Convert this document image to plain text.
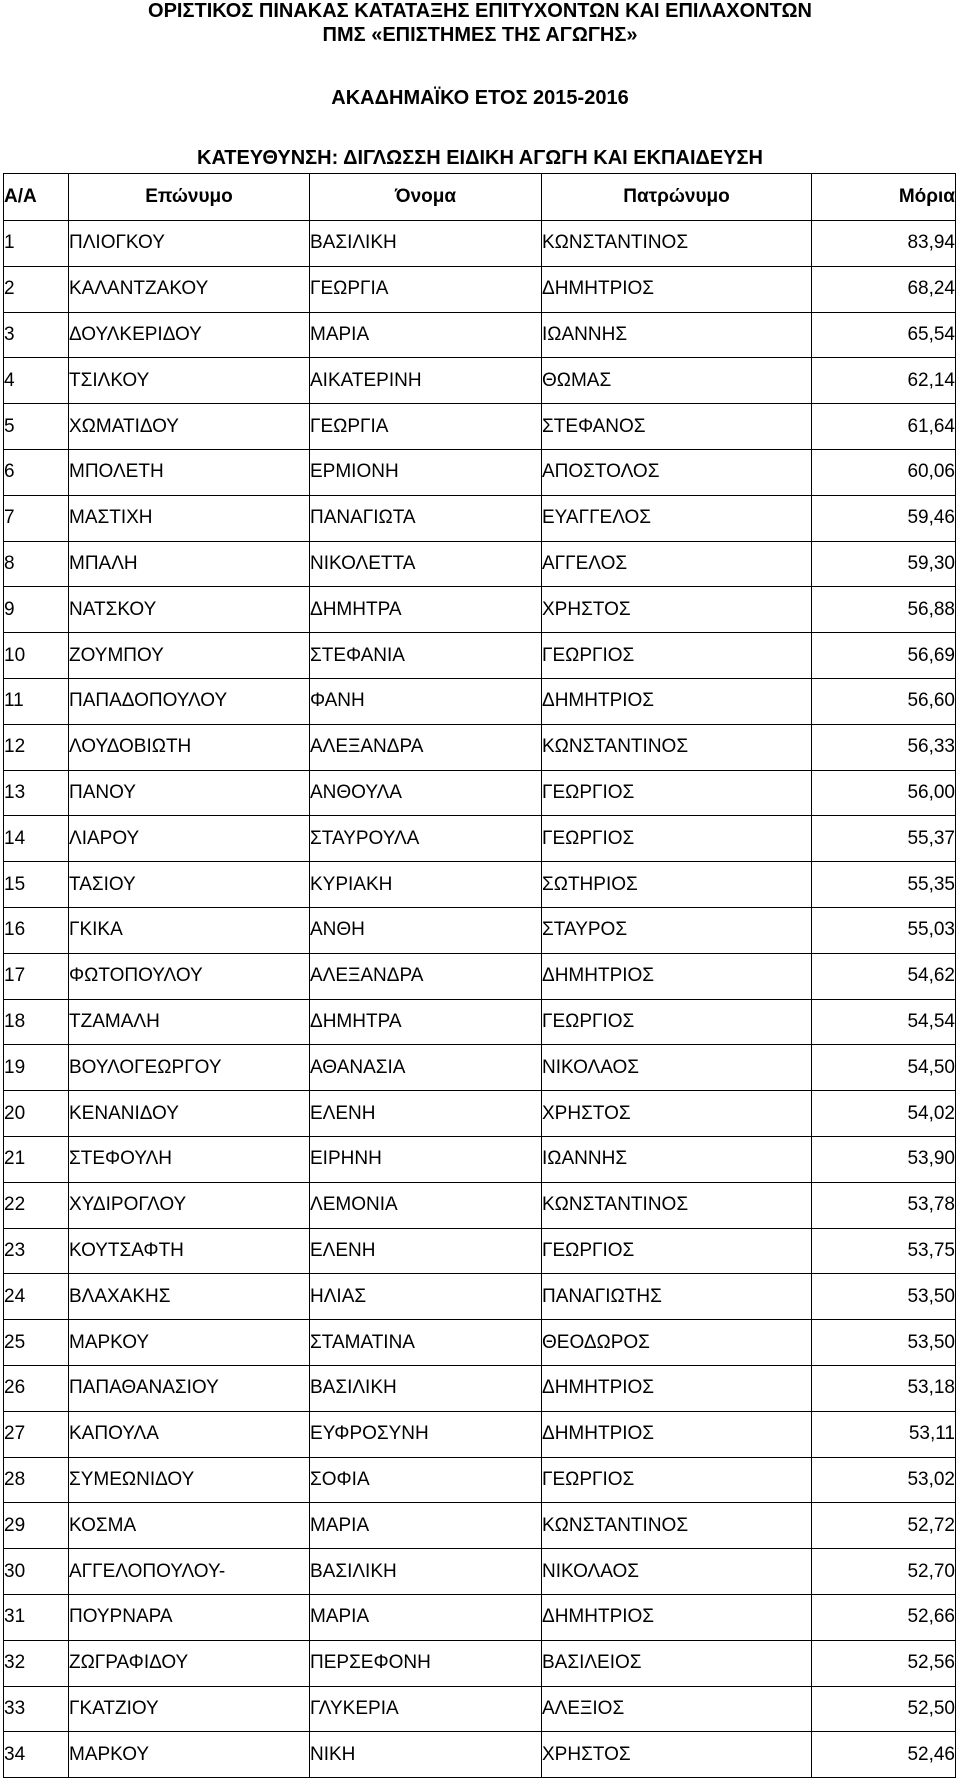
ΟΡΙΣΤΙΚΟΣ ΠΙΝΑΚΑΣ ΚΑΤΑΤΑΞΗΣ ΕΠΙΤΥΧΟΝΤΩΝ ΚΑΙ ΕΠΙΛΑΧΟΝΤΩΝ
ΠΜΣ «ΕΠΙΣΤΗΜΕΣ ΤΗΣ ΑΓΩΓΗΣ»
ΑΚΑΔΗΜΑΪΚΟ ΕΤΟΣ 2015-2016
ΚΑΤΕΥΘΥΝΣΗ: ΔΙΓΛΩΣΣΗ ΕΙΔΙΚΗ ΑΓΩΓΗ ΚΑΙ ΕΚΠΑΙΔΕΥΣΗ
Α/Α	Επώνυμο	Όνομα	Πατρώνυμο	Μόρια
1	ΠΛΙΟΓΚΟΥ	ΒΑΣΙΛΙΚΗ	ΚΩΝΣΤΑΝΤΙΝΟΣ	83,94
2	ΚΑΛΑΝΤΖΑΚΟΥ	ΓΕΩΡΓΙΑ	ΔΗΜΗΤΡΙΟΣ	68,24
3	ΔΟΥΛΚΕΡΙΔΟΥ	ΜΑΡΙΑ	ΙΩΑΝΝΗΣ	65,54
4	ΤΣΙΛΚΟΥ	ΑΙΚΑΤΕΡΙΝΗ	ΘΩΜΑΣ	62,14
5	ΧΩΜΑΤΙΔΟΥ	ΓΕΩΡΓΙΑ	ΣΤΕΦΑΝΟΣ	61,64
6	ΜΠΟΛΕΤΗ	ΕΡΜΙΟΝΗ	ΑΠΟΣΤΟΛΟΣ	60,06
7	ΜΑΣΤΙΧΗ	ΠΑΝΑΓΙΩΤΑ	ΕΥΑΓΓΕΛΟΣ	59,46
8	ΜΠΑΛΗ	ΝΙΚΟΛΕΤΤΑ	ΑΓΓΕΛΟΣ	59,30
9	ΝΑΤΣΚΟΥ	ΔΗΜΗΤΡΑ	ΧΡΗΣΤΟΣ	56,88
10	ΖΟΥΜΠΟΥ	ΣΤΕΦΑΝΙΑ	ΓΕΩΡΓΙΟΣ	56,69
11	ΠΑΠΑΔΟΠΟΥΛΟΥ	ΦΑΝΗ	ΔΗΜΗΤΡΙΟΣ	56,60
12	ΛΟΥΔΟΒΙΩΤΗ	ΑΛΕΞΑΝΔΡΑ	ΚΩΝΣΤΑΝΤΙΝΟΣ	56,33
13	ΠΑΝΟΥ	ΑΝΘΟΥΛΑ	ΓΕΩΡΓΙΟΣ	56,00
14	ΛΙΑΡΟΥ	ΣΤΑΥΡΟΥΛΑ	ΓΕΩΡΓΙΟΣ	55,37
15	ΤΑΣΙΟΥ	ΚΥΡΙΑΚΗ	ΣΩΤΗΡΙΟΣ	55,35
16	ΓΚΙΚΑ	ΑΝΘΗ	ΣΤΑΥΡΟΣ	55,03
17	ΦΩΤΟΠΟΥΛΟΥ	ΑΛΕΞΑΝΔΡΑ	ΔΗΜΗΤΡΙΟΣ	54,62
18	ΤΖΑΜΑΛΗ	ΔΗΜΗΤΡΑ	ΓΕΩΡΓΙΟΣ	54,54
19	ΒΟΥΛΟΓΕΩΡΓΟΥ	ΑΘΑΝΑΣΙΑ	ΝΙΚΟΛΑΟΣ	54,50
20	ΚΕΝΑΝΙΔΟΥ	ΕΛΕΝΗ	ΧΡΗΣΤΟΣ	54,02
21	ΣΤΕΦΟΥΛΗ	ΕΙΡΗΝΗ	ΙΩΑΝΝΗΣ	53,90
22	ΧΥΔΙΡΟΓΛΟΥ	ΛΕΜΟΝΙΑ	ΚΩΝΣΤΑΝΤΙΝΟΣ	53,78
23	ΚΟΥΤΣΑΦΤΗ	ΕΛΕΝΗ	ΓΕΩΡΓΙΟΣ	53,75
24	ΒΛΑΧΑΚΗΣ	ΗΛΙΑΣ	ΠΑΝΑΓΙΩΤΗΣ	53,50
25	ΜΑΡΚΟΥ	ΣΤΑΜΑΤΙΝΑ	ΘΕΟΔΩΡΟΣ	53,50
26	ΠΑΠΑΘΑΝΑΣΙΟΥ	ΒΑΣΙΛΙΚΗ	ΔΗΜΗΤΡΙΟΣ	53,18
27	ΚΑΠΟΥΛΑ	ΕΥΦΡΟΣΥΝΗ	ΔΗΜΗΤΡΙΟΣ	53,11
28	ΣΥΜΕΩΝΙΔΟΥ	ΣΟΦΙΑ	ΓΕΩΡΓΙΟΣ	53,02
29	ΚΟΣΜΑ	ΜΑΡΙΑ	ΚΩΝΣΤΑΝΤΙΝΟΣ	52,72
30	ΑΓΓΕΛΟΠΟΥΛΟΥ-	ΒΑΣΙΛΙΚΗ	ΝΙΚΟΛΑΟΣ	52,70
31	ΠΟΥΡΝΑΡΑ	ΜΑΡΙΑ	ΔΗΜΗΤΡΙΟΣ	52,66
32	ΖΩΓΡΑΦΙΔΟΥ	ΠΕΡΣΕΦΟΝΗ	ΒΑΣΙΛΕΙΟΣ	52,56
33	ΓΚΑΤΖΙΟΥ	ΓΛΥΚΕΡΙΑ	ΑΛΕΞΙΟΣ	52,50
34	ΜΑΡΚΟΥ	ΝΙΚΗ	ΧΡΗΣΤΟΣ	52,46
